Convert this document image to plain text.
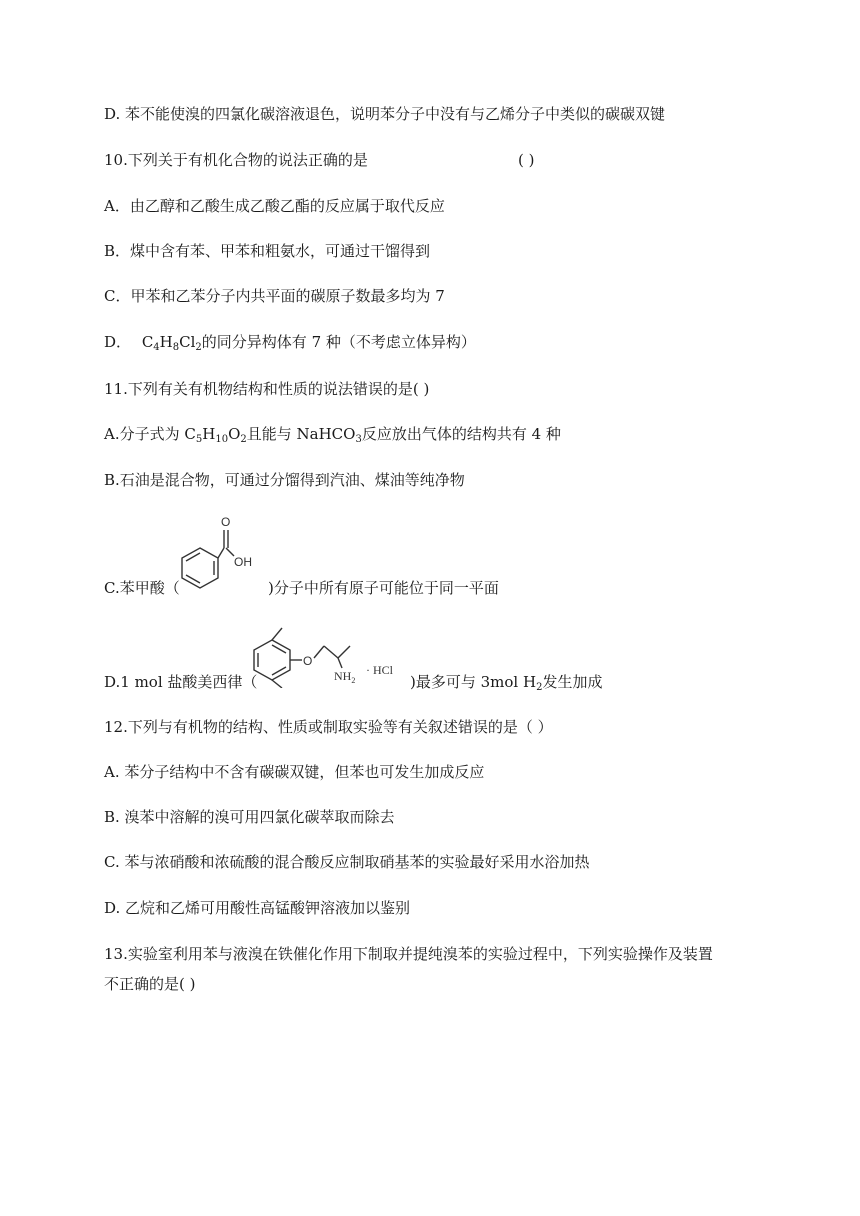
D. 苯不能使溴的四氯化碳溶液退色，说明苯分子中没有与乙烯分子中类似的碳碳双键
10.下列关于有机化合物的说法正确的是	( )
A．由乙醇和乙酸生成乙酸乙酯的反应属于取代反应
B．煤中含有苯、甲苯和粗氨水，可通过干馏得到
C．甲苯和乙苯分子内共平面的碳原子数最多均为 7
D． $C_4H_8Cl_2$的同分异构体有 7 种（不考虑立体异构）
11.下列有关有机物结构和性质的说法错误的是( )
A.分子式为 $C_5H_{10}O_2$且能与 NaHCO$_3$反应放出气体的结构共有 4 种
B.石油是混合物，可通过分馏得到汽油、煤油等纯净物
O
OH
C.苯甲酸（	)分子中所有原子可能位于同一平面
O
$NH_2$
· HCl
D.1 mol 盐酸美西律（	)最多可与 3mol $H_2$发生加成
12.下列与有机物的结构、性质或制取实验等有关叙述错误的是（ ）
A. 苯分子结构中不含有碳碳双键，但苯也可发生加成反应
B. 溴苯中溶解的溴可用四氯化碳萃取而除去
C. 苯与浓硝酸和浓硫酸的混合酸反应制取硝基苯的实验最好采用水浴加热
D. 乙烷和乙烯可用酸性高锰酸钾溶液加以鉴别
13.实验室利用苯与液溴在铁催化作用下制取并提纯溴苯的实验过程中，下列实验操作及装置
不正确的是( )
